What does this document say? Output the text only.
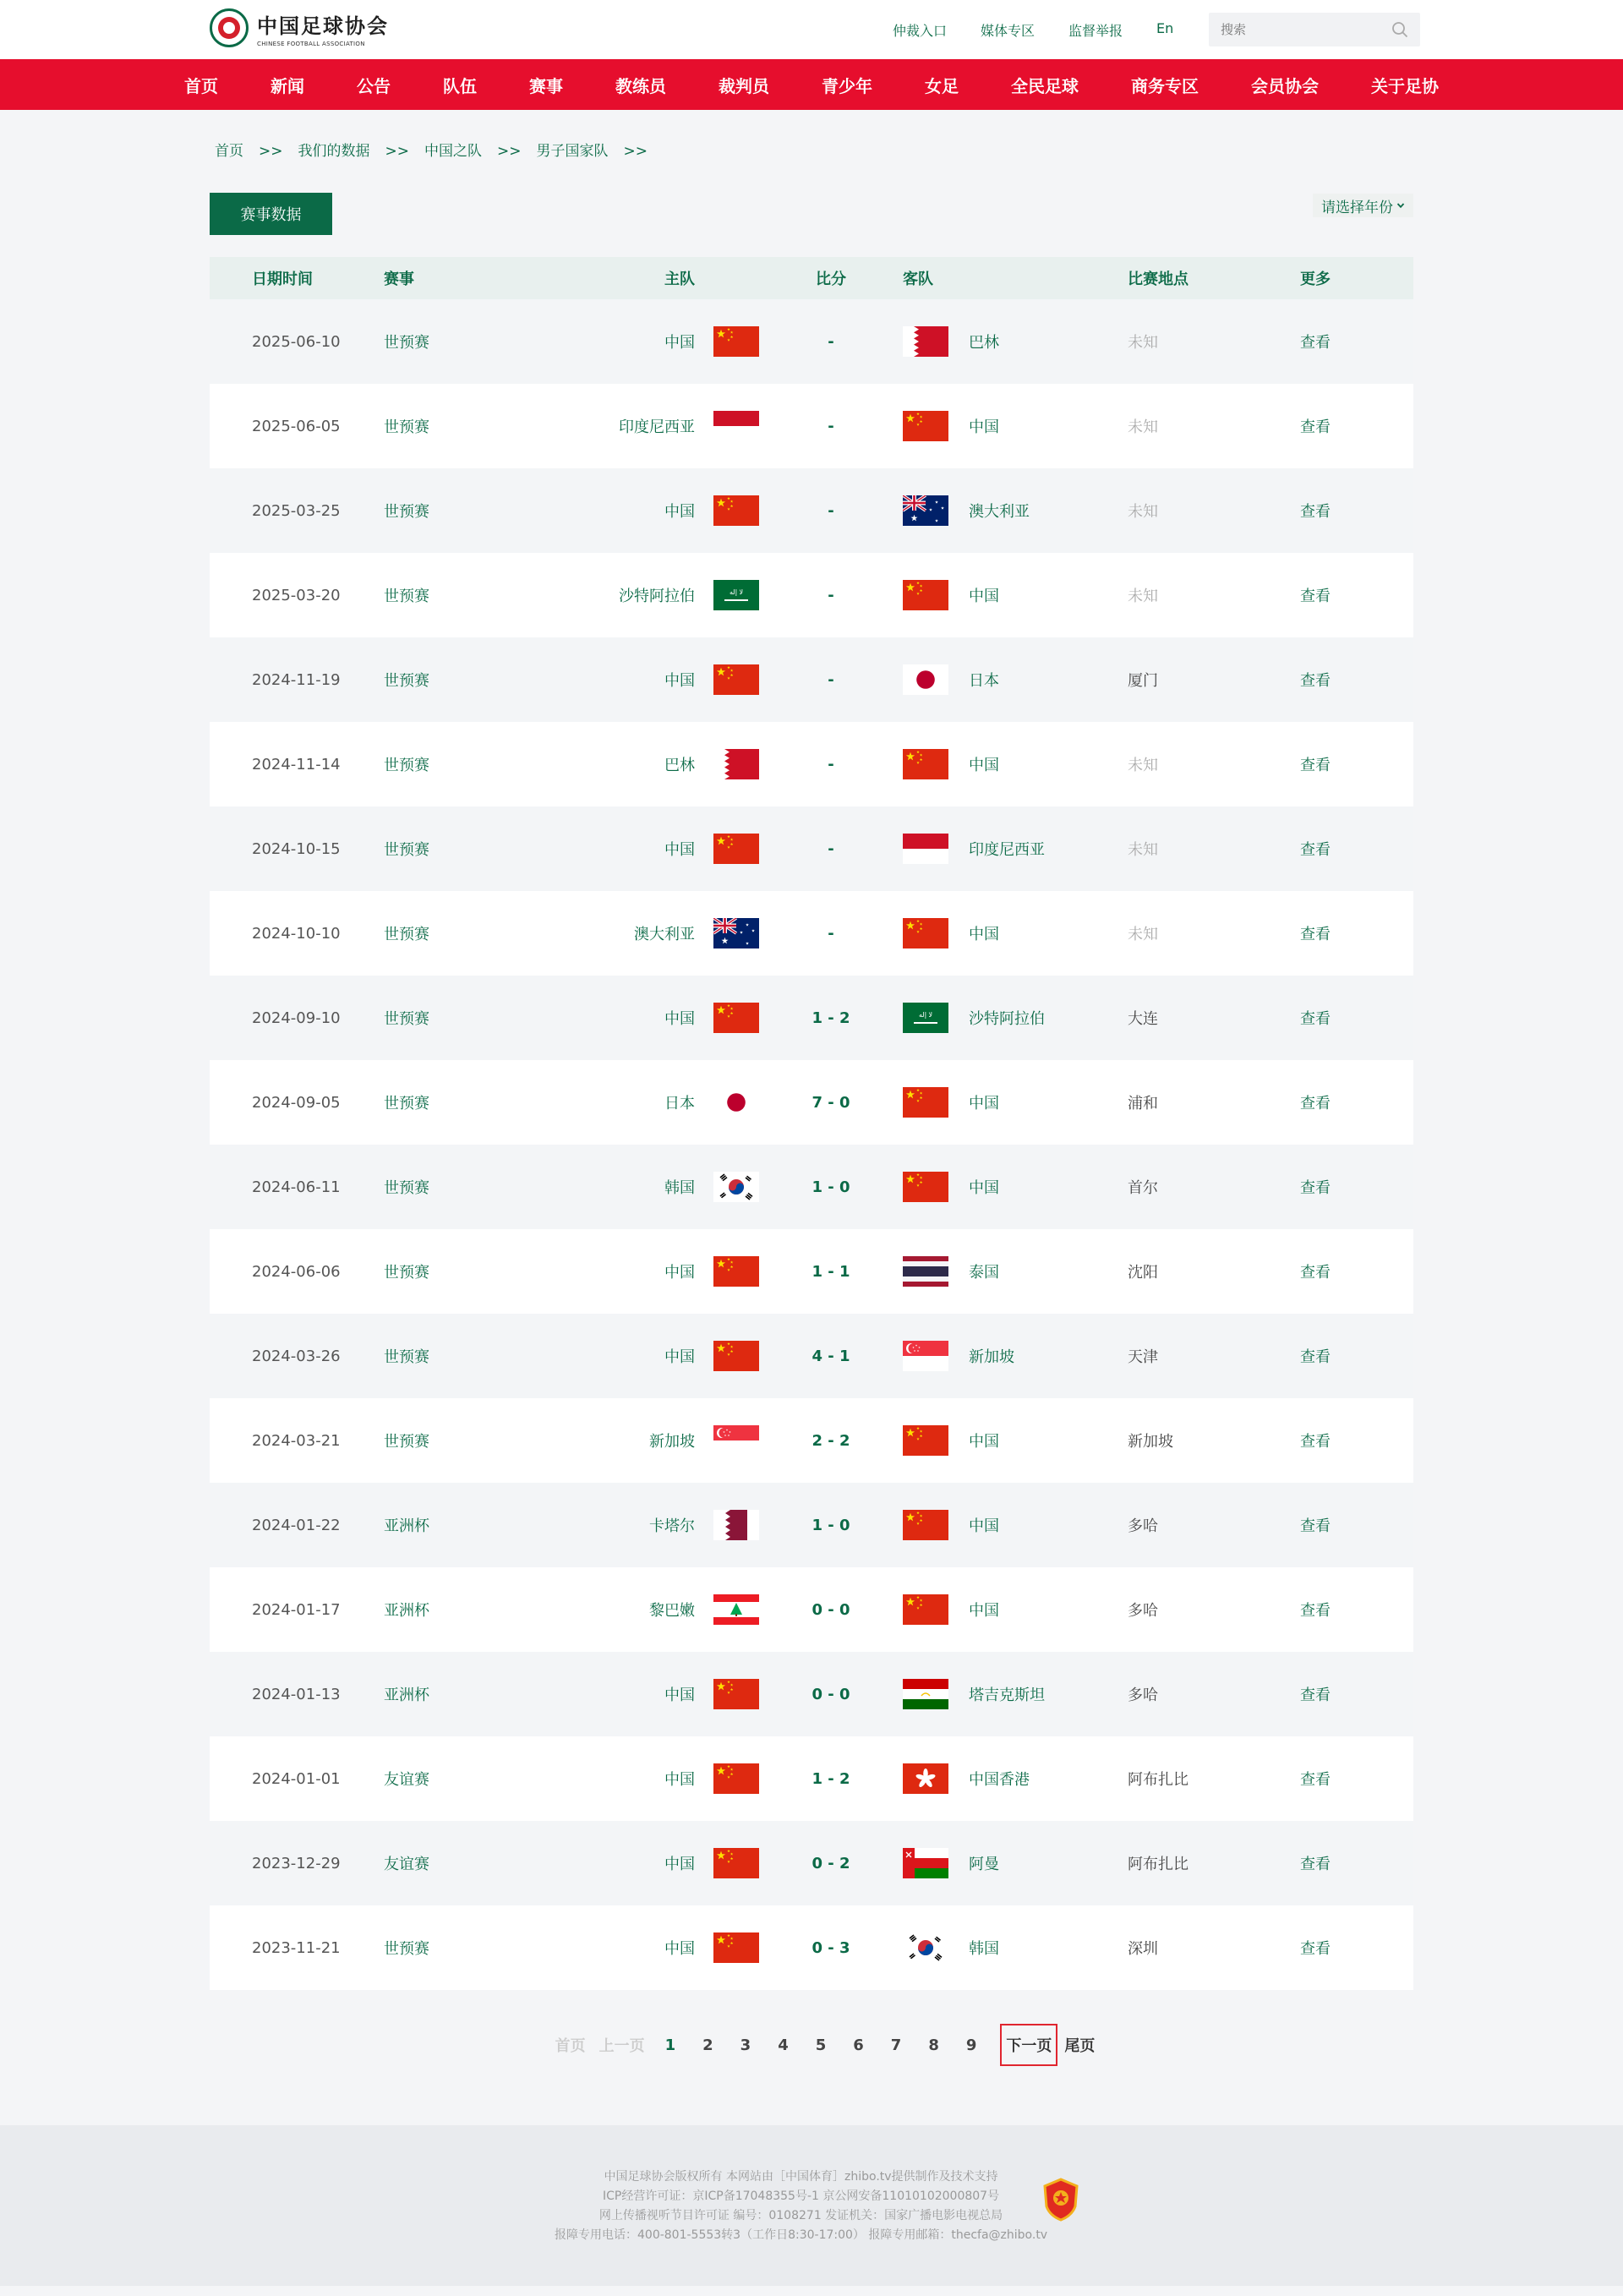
中国足球协会
CHINESE FOOTBALL ASSOCIATION
仲裁入口	媒体专区	监督举报	En
搜索
首页	新闻	公告	队伍	赛事	教练员	裁判员	青少年	女足	全民足球	商务专区	会员协会	关于足协
首页 >> 我们的数据 >> 中国之队 >> 男子国家队 >>
赛事数据	请选择年份
日期时间	赛事	主队		比分	客队		比赛地点	更多
2025-06-10	世预赛	中国		-		巴林	未知	查看
2025-06-05	世预赛	印度尼西亚		-		中国	未知	查看
2025-03-25	世预赛	中国		-		澳大利亚	未知	查看
2025-03-20	世预赛	沙特阿拉伯	ﻻ إله	-		中国	未知	查看
2024-11-19	世预赛	中国		-		日本	厦门	查看
2024-11-14	世预赛	巴林		-		中国	未知	查看
2024-10-15	世预赛	中国		-		印度尼西亚	未知	查看
2024-10-10	世预赛	澳大利亚		-		中国	未知	查看
2024-09-10	世预赛	中国		1 - 2	ﻻ إله	沙特阿拉伯	大连	查看
2024-09-05	世预赛	日本		7 - 0		中国	浦和	查看
2024-06-11	世预赛	韩国		1 - 0		中国	首尔	查看
2024-06-06	世预赛	中国		1 - 1		泰国	沈阳	查看
2024-03-26	世预赛	中国		4 - 1		新加坡	天津	查看
2024-03-21	世预赛	新加坡		2 - 2		中国	新加坡	查看
2024-01-22	亚洲杯	卡塔尔		1 - 0		中国	多哈	查看
2024-01-17	亚洲杯	黎巴嫩		0 - 0		中国	多哈	查看
2024-01-13	亚洲杯	中国		0 - 0		塔吉克斯坦	多哈	查看
2024-01-01	友谊赛	中国		1 - 2		中国香港	阿布扎比	查看
2023-12-29	友谊赛	中国		0 - 2		阿曼	阿布扎比	查看
2023-11-21	世预赛	中国		0 - 3		韩国	深圳	查看
首页 上一页 1 2 3 4 5 6 7 8 9	下一页 尾页
中国足球协会版权所有 本网站由［中国体育］zhibo.tv提供制作及技术支持
ICP经营许可证：京ICP备17048355号-1 京公网安备11010102000807号
网上传播视听节目许可证 编号：0108271 发证机关：国家广播电影电视总局
报障专用电话：400-801-5553转3（工作日8:30-17:00） 报障专用邮箱：thecfa@zhibo.tv
